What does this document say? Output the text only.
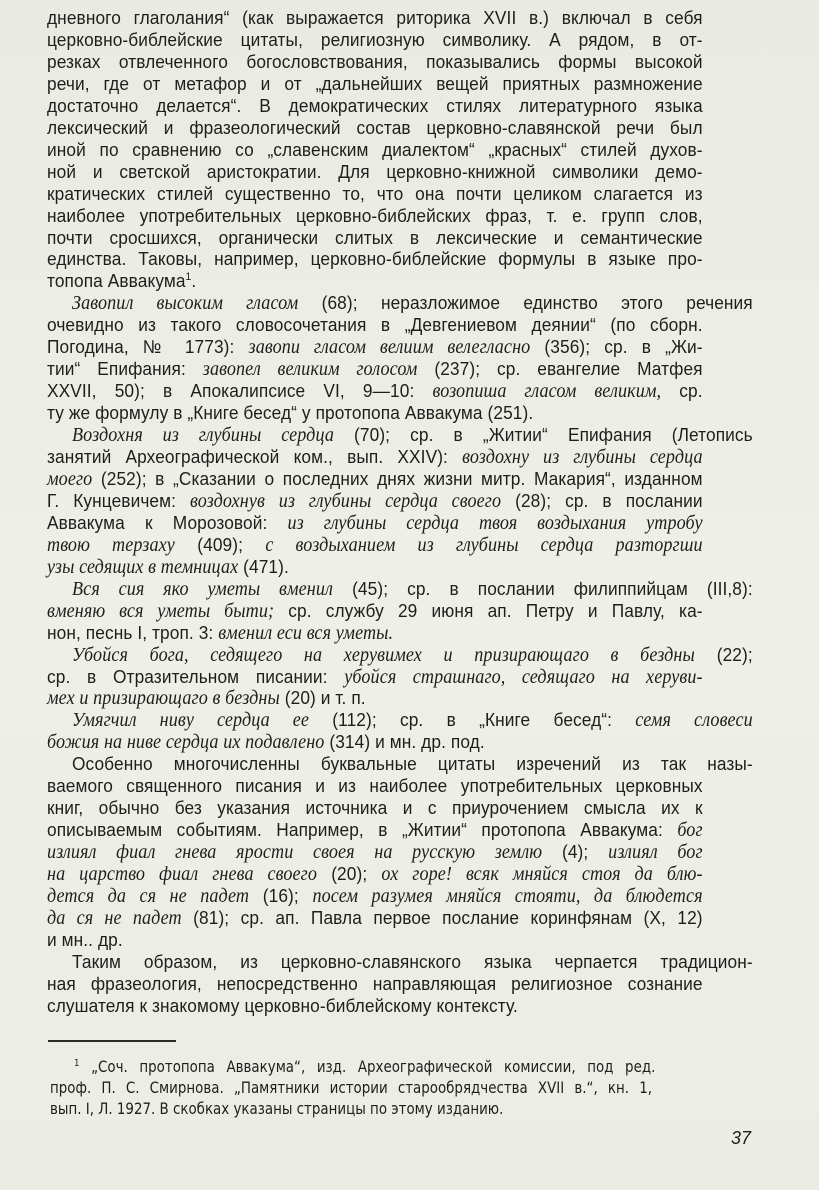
дневного глаголания“ (как выражается риторика XVII в.) включал в себя
церковно-библейские цитаты, религиозную символику. А рядом, в от-
резках отвлеченного богословствования, показывались формы высокой
речи, где от метафор и от „дальнейших вещей приятных размножение
достаточно делается“. В демократических стилях литературного языка
лексический и фразеологический состав церковно-славянской речи был
иной по сравнению со „славенским диалектом“ „красных“ стилей духов-
ной и светской аристократии. Для церковно-книжной символики демо-
кратических стилей существенно то, что она почти целиком слагается из
наиболее употребительных церковно-библейских фраз, т. е. групп слов,
почти сросшихся, органически слитых в лексические и семантические
единства. Таковы, например, церковно-библейские формулы в языке про-
топопа Аввакума$^1$.
Завопил высоким гласом (68); неразложимое единство этого речения
очевидно из такого словосочетания в „Девгениевом деянии“ (по сборн.
Погодина, № 1773): завопи гласом велиим велегласно (356); ср. в „Жи-
тии“ Епифания: завопел великим голосом (237); ср. евангелие Матфея
XXVII, 50); в Апокалипсисе VI, 9—10: возопиша гласом великим, ср.
ту же формулу в „Книге бесед“ у протопопа Аввакума (251).
Воздохня из глубины сердца (70); ср. в „Житии“ Епифания (Летопись
занятий Археографической ком., вып. XXIV): воздохну из глубины сердца
моего (252); в „Сказании о последних днях жизни митр. Макария“, изданном
Г. Кунцевичем: воздохнув из глубины сердца своего (28); ср. в послании
Аввакума к Морозовой: из глубины сердца твоя воздыхания утробу
твою терзаху (409); с воздыханием из глубины сердца разторгши
узы седящих в темницах (471).
Вся сия яко уметы вменил (45); ср. в послании филиппийцам (III,8):
вменяю вся уметы быти; ср. службу 29 июня ап. Петру и Павлу, ка-
нон, песнь I, троп. 3: вменил еси вся уметы.
Убойся бога, седящего на херувимех и призирающаго в бездны (22);
ср. в Отразительном писании: убойся страшнаго, седящаго на херуви-
мех и призирающаго в бездны (20) и т. п.
Умягчил ниву сердца ее (112); ср. в „Книге бесед“: семя словеси
божия на ниве сердца их подавлено (314) и мн. др. под.
Особенно многочисленны буквальные цитаты изречений из так назы-
ваемого священного писания и из наиболее употребительных церковных
книг, обычно без указания источника и с приурочением смысла их к
описываемым событиям. Например, в „Житии“ протопопа Аввакума: бог
излиял фиал гнева ярости своея на русскую землю (4); излиял бог
на царство фиал гнева своего (20); ох горе! всяк мняйся стоя да блю-
дется да ся не падет (16); посем разумея мняйся стояти, да блюдется
да ся не падет (81); ср. ап. Павла первое послание коринфянам (X, 12)
и мн.. др.
Таким образом, из церковно-славянского языка черпается традицион-
ная фразеология, непосредственно направляющая религиозное сознание
слушателя к знакомому церковно-библейскому контексту.
$^1$ „Соч. протопопа Аввакума“, изд. Археографической комиссии, под ред.
проф. П. С. Смирнова. „Памятники истории старообрядчества XVII в.“, кн. 1,
вып. I, Л. 1927. В скобках указаны страницы по этому изданию.
37
